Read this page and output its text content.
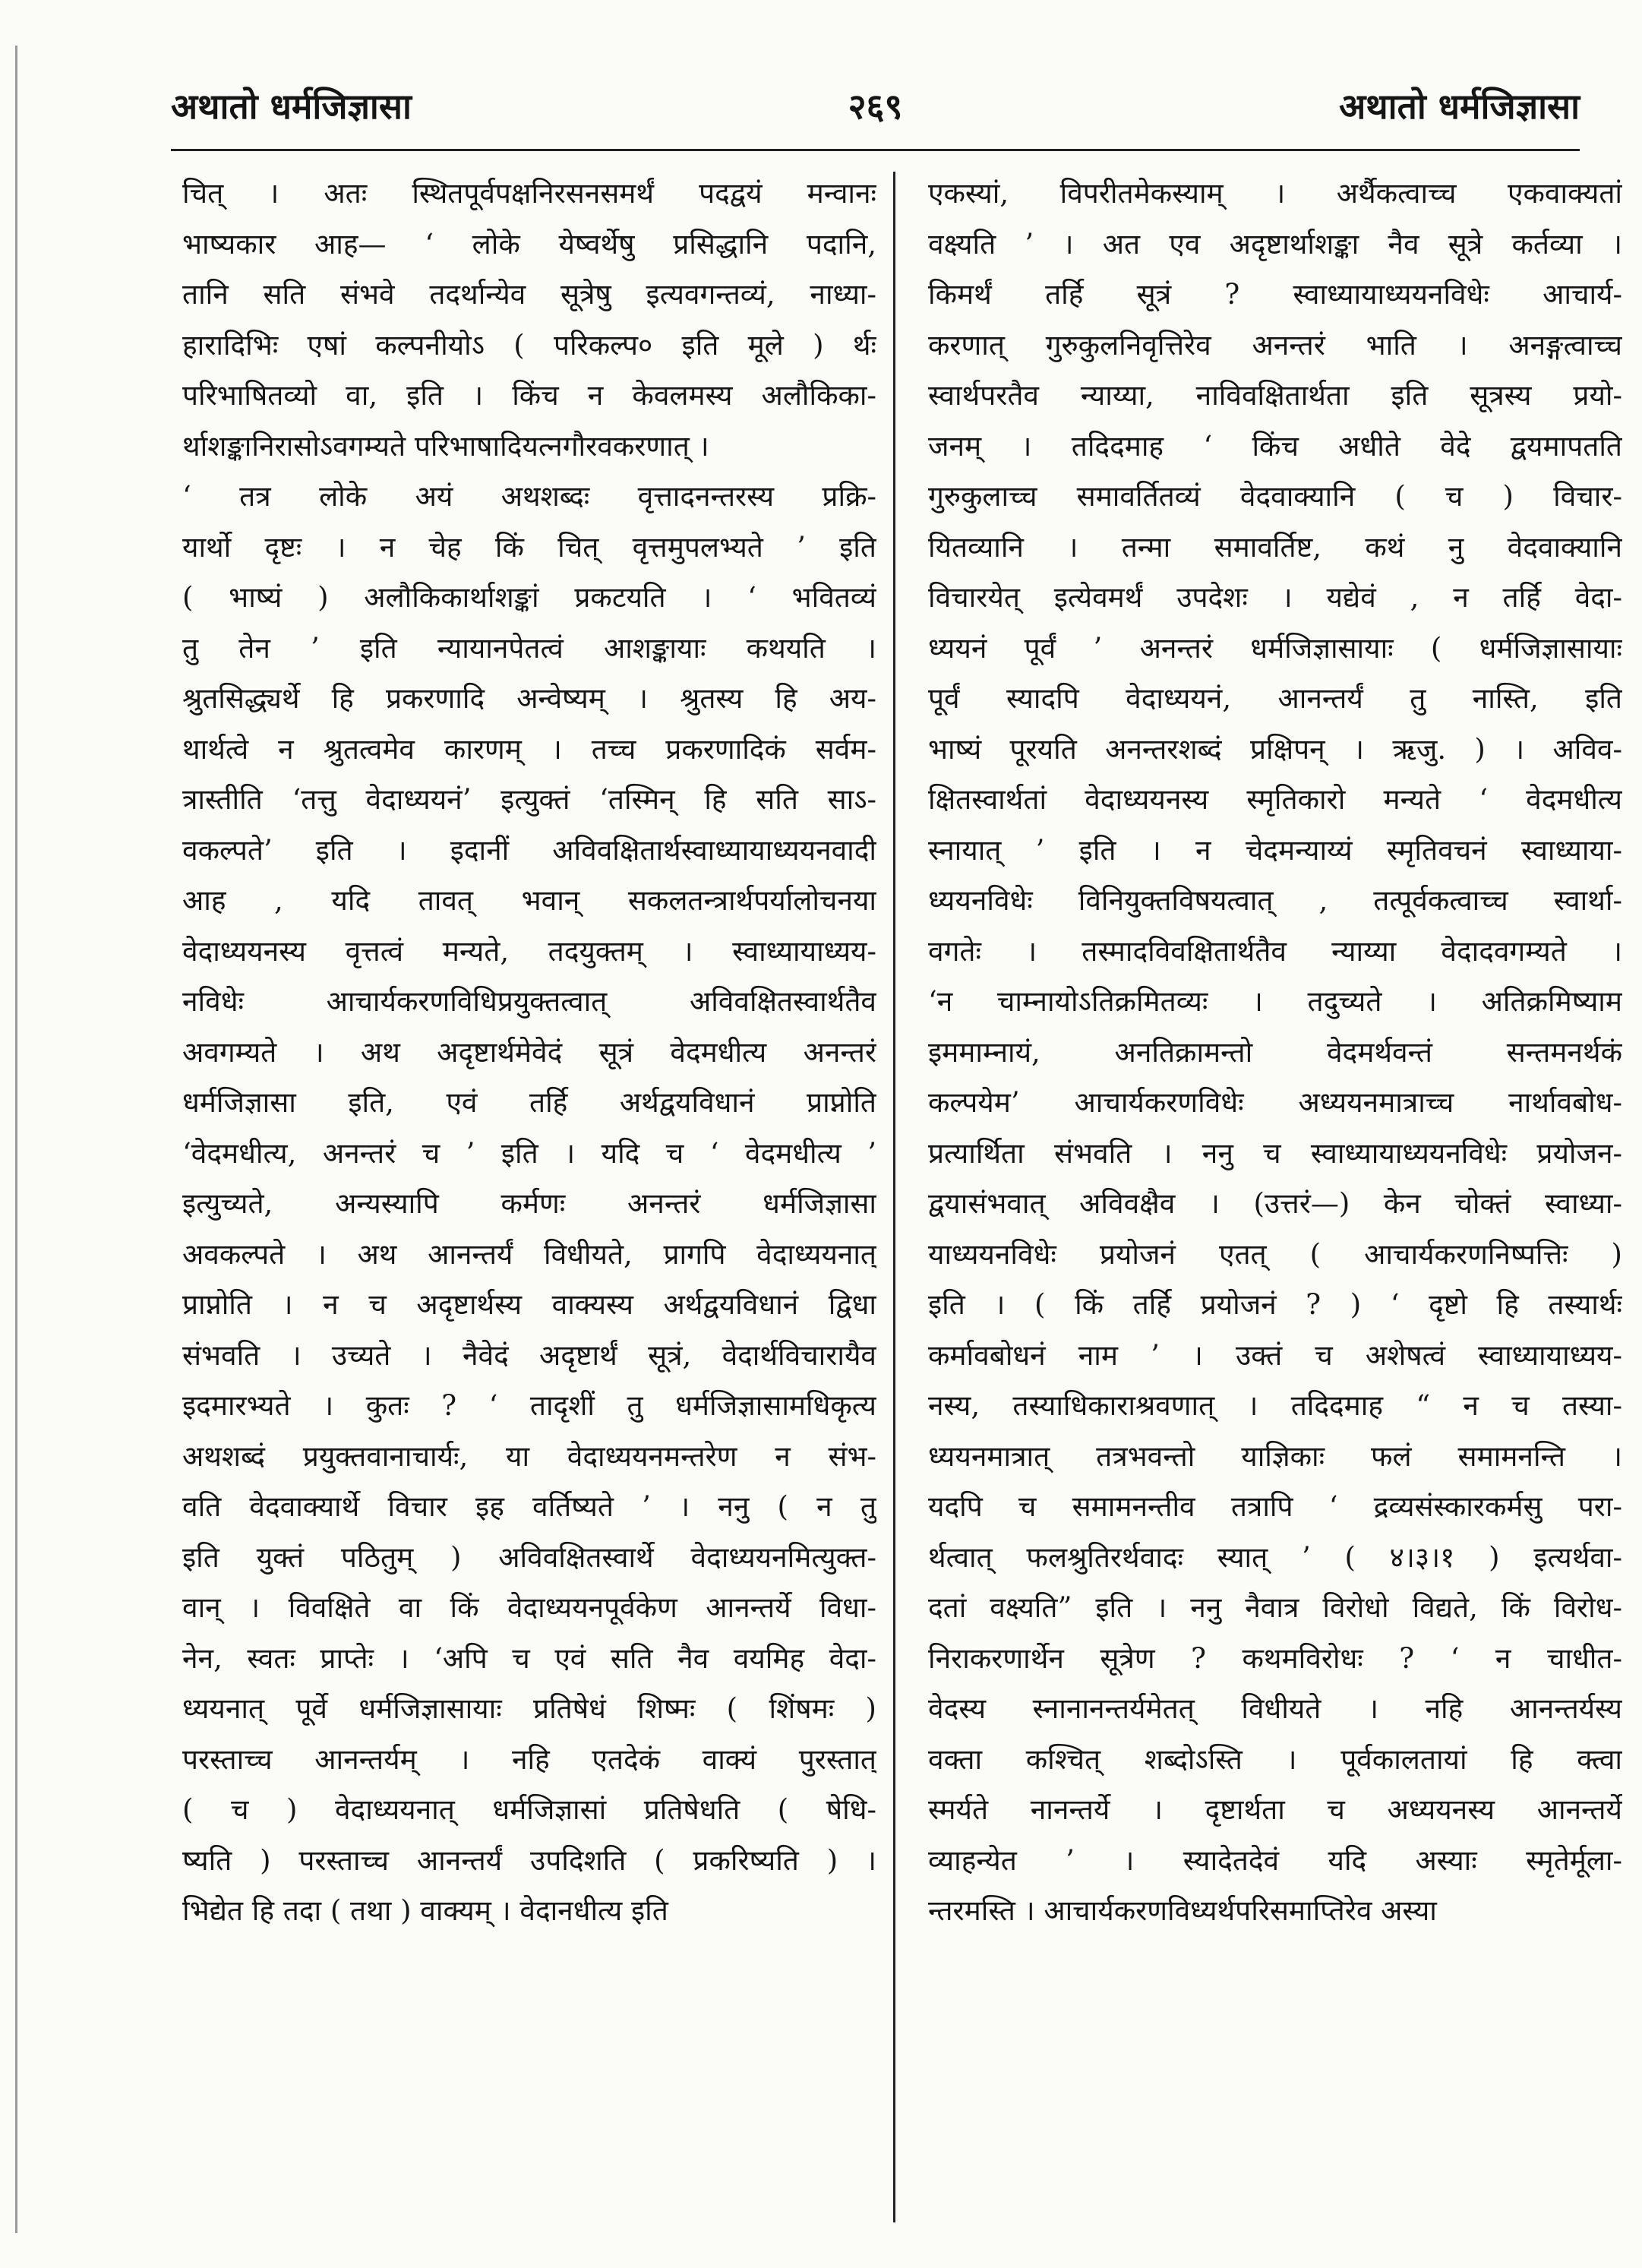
२६९
अथातो धर्मजिज्ञासा	अथातो धर्मजिज्ञासा
चित् । अतः स्थितपूर्वपक्षनिरसनसमर्थं पदद्वयं मन्वानः
भाष्यकार आह— ‘ लोके येष्वर्थेषु प्रसिद्धानि पदानि,
तानि सति संभवे तदर्थान्येव सूत्रेषु इत्यवगन्तव्यं, नाध्या-
हारादिभिः एषां कल्पनीयोऽ ( परिकल्प० इति मूले ) र्थः
परिभाषितव्यो वा, इति । किंच न केवलमस्य अलौकिका-
र्थाशङ्कानिरासोऽवगम्यते परिभाषादियत्नगौरवकरणात् ।
‘ तत्र लोके अयं अथशब्दः वृत्तादनन्तरस्य प्रक्रि-
यार्थो दृष्टः । न चेह किं चित् वृत्तमुपलभ्यते ’ इति
( भाष्यं ) अलौकिकार्थाशङ्कां प्रकटयति । ‘ भवितव्यं
तु तेन ’ इति न्यायानपेतत्वं आशङ्कायाः कथयति ।
श्रुतसिद्ध्यर्थे हि प्रकरणादि अन्वेष्यम् । श्रुतस्य हि अय-
थार्थत्वे न श्रुतत्वमेव कारणम् । तच्च प्रकरणादिकं सर्वम-
त्रास्तीति ‘तत्तु वेदाध्ययनं’ इत्युक्तं ‘तस्मिन् हि सति साऽ-
वकल्पते’ इति । इदानीं अविवक्षितार्थस्वाध्यायाध्ययनवादी
आह , यदि तावत् भवान् सकलतन्त्रार्थपर्यालोचनया
वेदाध्ययनस्य वृत्तत्वं मन्यते, तदयुक्तम् । स्वाध्यायाध्यय-
नविधेः आचार्यकरणविधिप्रयुक्तत्वात् अविवक्षितस्वार्थतैव
अवगम्यते । अथ अदृष्टार्थमेवेदं सूत्रं वेदमधीत्य अनन्तरं
धर्मजिज्ञासा इति, एवं तर्हि अर्थद्वयविधानं प्राप्नोति
‘वेदमधीत्य, अनन्तरं च ’ इति । यदि च ‘ वेदमधीत्य ’
इत्युच्यते, अन्यस्यापि कर्मणः अनन्तरं धर्मजिज्ञासा
अवकल्पते । अथ आनन्तर्यं विधीयते, प्रागपि वेदाध्ययनात्
प्राप्नोति । न च अदृष्टार्थस्य वाक्यस्य अर्थद्वयविधानं द्विधा
संभवति । उच्यते । नैवेदं अदृष्टार्थं सूत्रं, वेदार्थविचारायैव
इदमारभ्यते । कुतः ? ‘ तादृशीं तु धर्मजिज्ञासामधिकृत्य
अथशब्दं प्रयुक्तवानाचार्यः, या वेदाध्ययनमन्तरेण न संभ-
वति वेदवाक्यार्थे विचार इह वर्तिष्यते ’ । ननु ( न तु
इति युक्तं पठितुम् ) अविवक्षितस्वार्थे वेदाध्ययनमित्युक्त-
वान् । विवक्षिते वा किं वेदाध्ययनपूर्वकेण आनन्तर्ये विधा-
नेन, स्वतः प्राप्तेः । ‘अपि च एवं सति नैव वयमिह वेदा-
ध्ययनात् पूर्वे धर्मजिज्ञासायाः प्रतिषेधं शिष्मः ( शिंषमः )
परस्ताच्च आनन्तर्यम् । नहि एतदेकं वाक्यं पुरस्तात्
( च ) वेदाध्ययनात् धर्मजिज्ञासां प्रतिषेधति ( षेधि-
ष्यति ) परस्ताच्च आनन्तर्यं उपदिशति ( प्रकरिष्यति ) ।
भिद्येत हि तदा ( तथा ) वाक्यम् । वेदानधीत्य इति
एकस्यां, विपरीतमेकस्याम् । अर्थैकत्वाच्च एकवाक्यतां
वक्ष्यति ’ । अत एव अदृष्टार्थाशङ्का नैव सूत्रे कर्तव्या ।
किमर्थं तर्हि सूत्रं ? स्वाध्यायाध्ययनविधेः आचार्य-
करणात् गुरुकुलनिवृत्तिरेव अनन्तरं भाति । अनङ्गत्वाच्च
स्वार्थपरतैव न्याय्या, नाविवक्षितार्थता इति सूत्रस्य प्रयो-
जनम् । तदिदमाह ‘ किंच अधीते वेदे द्वयमापतति
गुरुकुलाच्च समावर्तितव्यं वेदवाक्यानि ( च ) विचार-
यितव्यानि । तन्मा समावर्तिष्ट, कथं नु वेदवाक्यानि
विचारयेत् इत्येवमर्थं उपदेशः । यद्येवं , न तर्हि वेदा-
ध्ययनं पूर्वं ’ अनन्तरं धर्मजिज्ञासायाः ( धर्मजिज्ञासायाः
पूर्वं स्यादपि वेदाध्ययनं, आनन्तर्यं तु नास्ति, इति
भाष्यं पूरयति अनन्तरशब्दं प्रक्षिपन् । ऋजु. ) । अविव-
क्षितस्वार्थतां वेदाध्ययनस्य स्मृतिकारो मन्यते ‘ वेदमधीत्य
स्नायात् ’ इति । न चेदमन्याय्यं स्मृतिवचनं स्वाध्याया-
ध्ययनविधेः विनियुक्तविषयत्वात् , तत्पूर्वकत्वाच्च स्वार्था-
वगतेः । तस्मादविवक्षितार्थतैव न्याय्या वेदादवगम्यते ।
‘न चाम्नायोऽतिक्रमितव्यः । तदुच्यते । अतिक्रमिष्याम
इममाम्नायं, अनतिक्रामन्तो वेदमर्थवन्तं सन्तमनर्थकं
कल्पयेम’ आचार्यकरणविधेः अध्ययनमात्राच्च नार्थावबोध-
प्रत्यार्थिता संभवति । ननु च स्वाध्यायाध्ययनविधेः प्रयोजन-
द्वयासंभवात् अविवक्षैव । (उत्तरं—) केन चोक्तं स्वाध्या-
याध्ययनविधेः प्रयोजनं एतत् ( आचार्यकरणनिष्पत्तिः )
इति । ( किं तर्हि प्रयोजनं ? ) ‘ दृष्टो हि तस्यार्थः
कर्मावबोधनं नाम ’ । उक्तं च अशेषत्वं स्वाध्यायाध्यय-
नस्य, तस्याधिकाराश्रवणात् । तदिदमाह “ न च तस्या-
ध्ययनमात्रात् तत्रभवन्तो याज्ञिकाः फलं समामनन्ति ।
यदपि च समामनन्तीव तत्रापि ‘ द्रव्यसंस्कारकर्मसु परा-
र्थत्वात् फलश्रुतिरर्थवादः स्यात् ’ ( ४।३।१ ) इत्यर्थवा-
दतां वक्ष्यति” इति । ननु नैवात्र विरोधो विद्यते, किं विरोध-
निराकरणार्थेन सूत्रेण ? कथमविरोधः ? ‘ न चाधीत-
वेदस्य स्नानानन्तर्यमेतत् विधीयते । नहि आनन्तर्यस्य
वक्ता कश्चित् शब्दोऽस्ति । पूर्वकालतायां हि क्त्वा
स्मर्यते नानन्तर्ये । दृष्टार्थता च अध्ययनस्य आनन्तर्ये
व्याहन्येत ’ । स्यादेतदेवं यदि अस्याः स्मृतेर्मूला-
न्तरमस्ति । आचार्यकरणविध्यर्थपरिसमाप्तिरेव अस्या
